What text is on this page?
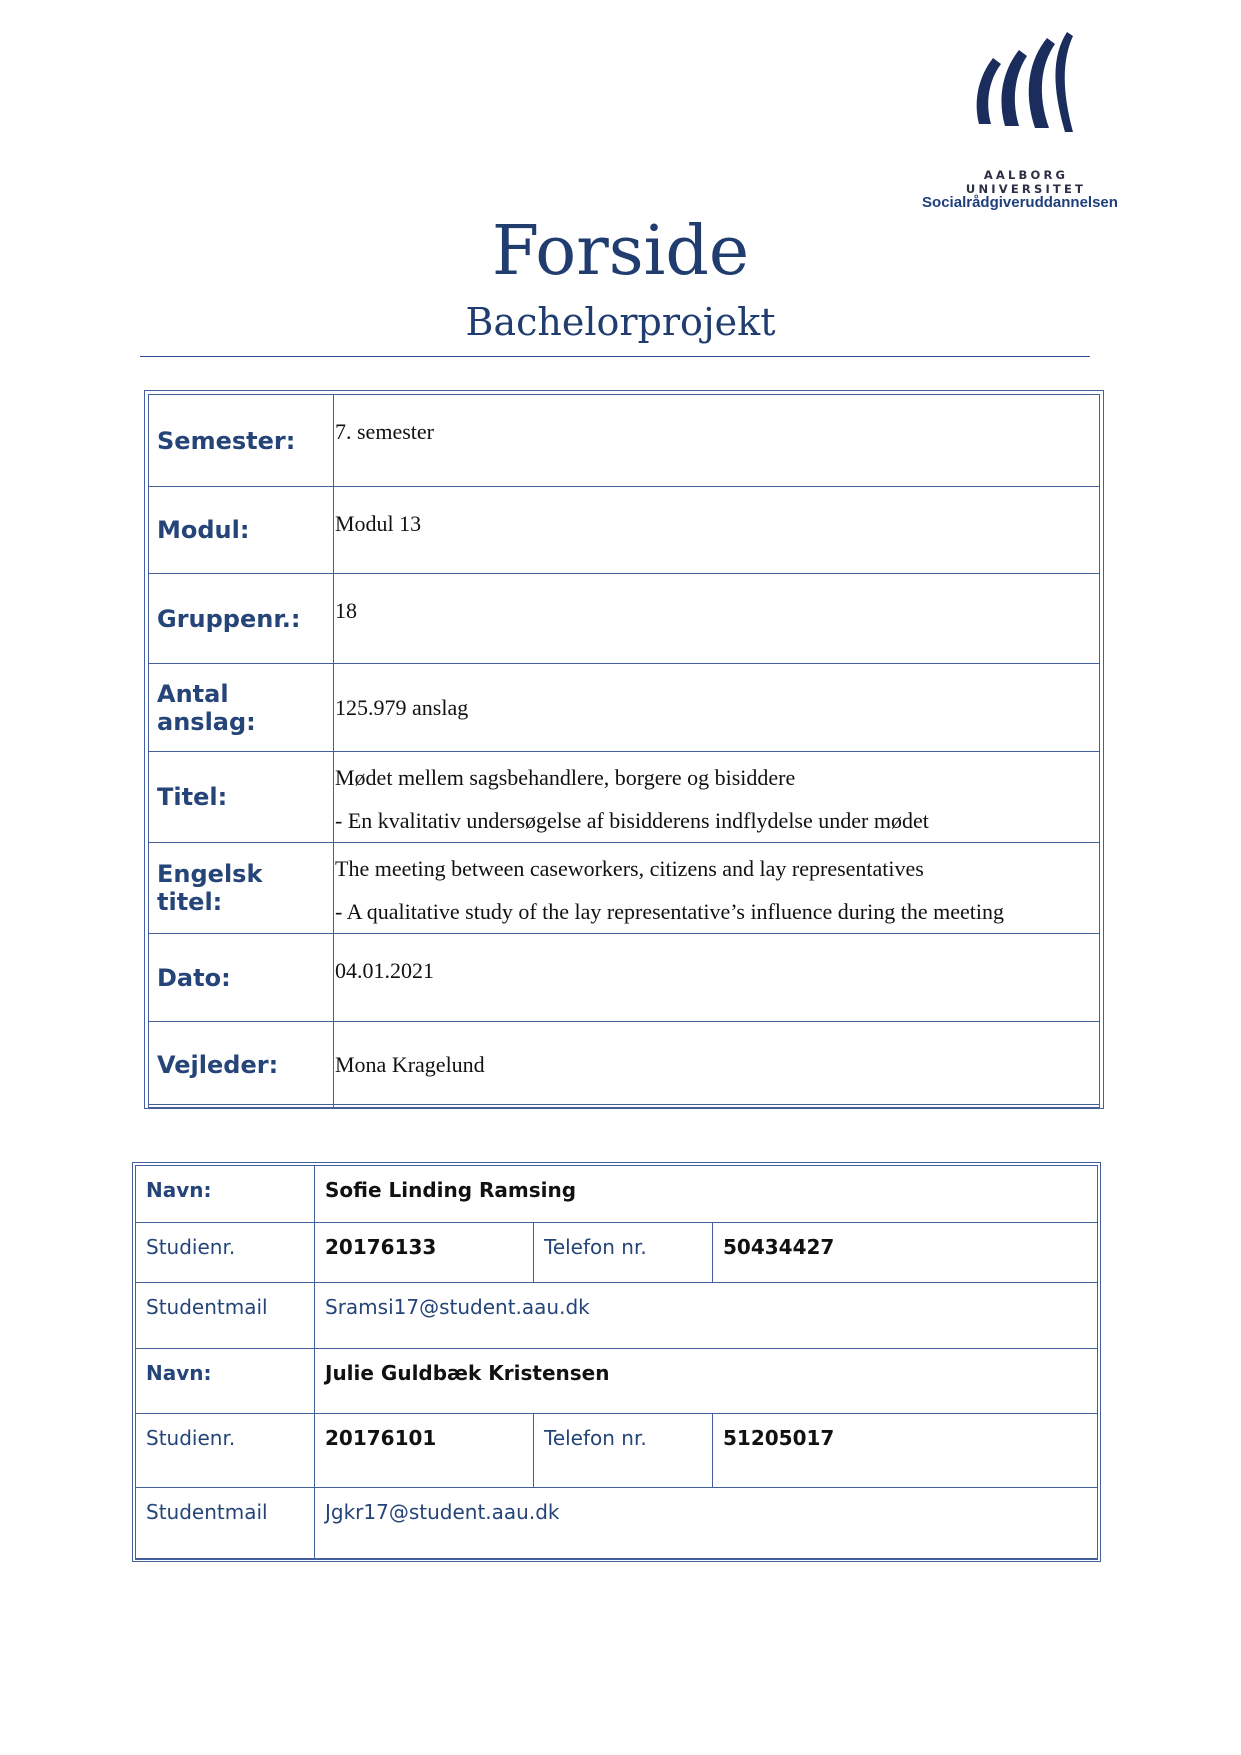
AALBORG UNIVERSITET
Socialrådgiveruddannelsen
Forside
Bachelorprojekt
Semester:	7. semester
Modul:	Modul 13
Gruppenr.:	18
Antal anslag:	125.979 anslag
Titel:	Mødet mellem sagsbehandlere, borgere og bisiddere
- En kvalitativ undersøgelse af bisidderens indflydelse under mødet

Engelsk titel:	The meeting between caseworkers, citizens and lay representatives
- A qualitative study of the lay representative’s influence during the meeting

Dato:	04.01.2021
Vejleder:	Mona Kragelund
Navn:	Sofie Linding Ramsing		
Studienr.	20176133	Telefon nr.	50434427
Studentmail	Sramsi17@student.aau.dk		
Navn:	Julie Guldbæk Kristensen		
Studienr.	20176101	Telefon nr.	51205017
Studentmail	Jgkr17@student.aau.dk		
